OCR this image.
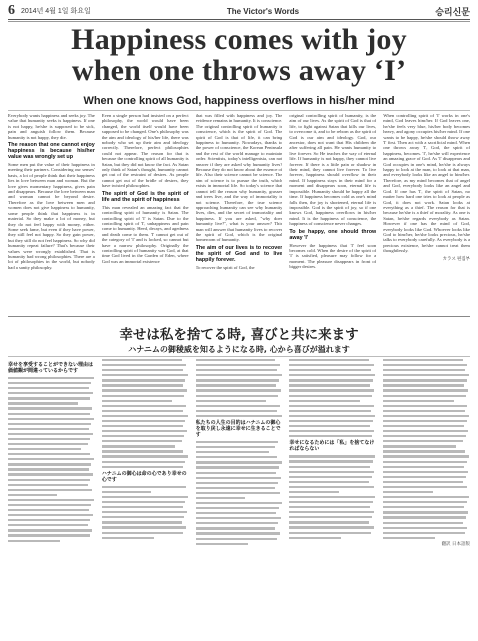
6 2014년 4월 1일 화요일	The Victor's Words	승리신문
Happiness comes with joy
when one throws away ‘I’
When one knows God, happiness overflows in his/her mind

Everybody wants happiness and seeks joy. The value that humanity seeks is happiness. If one is not happy, he/she is supposed to be sick, pain and anguish follow them. Because humanity is not happy, they die.

The reason that one cannot enjoy happiness is because his/her value was wrongly set up

Some men put the value of their happiness in meeting their partners. Considering our senses' basis, a lot of people think that their happiness lies in love between man and woman. But the love gives momentary happiness, gives pain and disappears. Because the love between man and woman cannot be beyond desire. Therefore as the love between men and women does not give happiness to humanity, some people think that happiness is in material. So they make a lot of money, but they do not feel happy with money, either. Some seek fame, but even if they have power, they still feel not happy. So they gain power, but they still do not feel happiness. So why did humanity repeat failure? That's because their values were wrongly established. That is humanity had wrong philosophies. There are a lot of philosophies in the world, but nobody had a sanity philosophy.

Even a single person had insisted on a perfect philosophy, the world would have been changed, the world itself would have been supposed to be changed. One's philosophy was the aim and ideology of his/her life, there was nobody who set up their aim and ideology correctly. Therefore, perfect philosophies could not appear. The reason for that is because the controlling spirit of all humanity is Satan, but they did not know the fact. As Satan only think of Satan's thought, humanity cannot get out of the restraint of desires. As people cannot get out of the bridle of desires, they have twisted philosophies.

The spirit of God is the spirit of life and the spirit of happiness

This man revealed an amazing fact that the controlling spirit of humanity is Satan. The controlling spirit of 'I' is Satan. Due to the controlling spirit of 'I', unhappiness and pain come to humanity. Heed, decays, and agedness and death come to them. 'I' cannot get out of the category of 'I' and is locked, so cannot but have a narrow philosophy. Originally the controlling spirit of humanity was God, at that time God lived in the Garden of Eden, where God was an immortal existence

that was filled with happiness and joy. The evidence remains in humanity. It is conscience. The original controlling spirit of humanity is conscience, which is the spirit of God. The spirit of God is that of life, it can bring happiness to humanity. Nowadays, thanks to the power of conscience, the Korean Peninsula and the rest of the world manage to maintain order. Scientists, today's intelligentsia, can not answer if they are asked why humanity lives? Because they do not know about the essence of life. Also their science cannot be science. The aim of science is to pursue the truth, which exists in immortal life. So today's science that cannot tell the reason why humanity, grasses and trees live, and the way of immortality is not science. Therefore, the true science approaching humanity can see why humanity lives, dies, and the secret of immortality and happiness. If you are asked, "why does humanity live?", what is your answer? This man will answer that humanity lives to recover the spirit of God, which is the original homeroom of humanity.

The aim of our lives is to recover the spirit of God and to live happily forever.

To recover the spirit of God, the

original controlling spirit of humanity, is the aim of our lives. As the spirit of God is that of life, to fight against Satan that kills our lives, to overcome it, and to be reborn as the spirit of God is our aim and ideology. God, our ancestor, does not want that His children die after suffering all pain. He wants humanity to live forever. So He teaches the way of eternal life. If humanity is not happy, they cannot live forever. If there is a little pain or shadow in their mind, they cannot live forever. To live forever, happiness should overflow in their mind. If happiness stays in their mind for a moment and disappears soon, eternal life is impossible. Humanity should be happy all the time. If happiness becomes cold as one's mind falls then, the joy is shortened, eternal life is impossible. God is the spirit of joy, so if one knows God, happiness overflows in his/her mind. It is the happiness of conscience, the happiness of conscience never changes.

To be happy, one should throw away 'I'

However the happiness that 'I' feel soon becomes cold. When the desire of the spirit of 'I' is satisfied, pleasure may follow for a moment. The pleasure disappears in front of bigger desires.

When controlling spirit of 'I' works in one's mind, God leaves him/her. If God leaves one, he/she feels very blue, his/her body becomes heavy, and agony occupies his/her mind. If one wants to be happy, he/she should throw away 'I' first. Then act with a sacrificial mind. When one throws away 'I', God, the spirit of happiness, becomes. 'I', he/she will experience an amazing grace of God. As 'I' disappears and God occupies in one's mind, he/she is always happy to look at the man, to look at that man, and everybody looks like an angel to him/her. Therefore, as my mind becomes that of angel and God, everybody looks like an angel and God. If one has 'I', the spirit of Satan, no matter how hard one tries to look at people as God, it does not work. Satan looks at everything as a thief. The reason for that is because he/she is a thief of morality. As one is Satan, he/she regards everybody as Satan. However if one has the mind of God, everybody looks like God. Whoever looks like God to him/her, he/she looks precious, he/she talks to everybody carefully. As everybody is a precious existence, he/she cannot treat them thoughtlessly.

カラス 편집부
幸せは私を捨てる時, 喜びと共に来ます
ハナニムの御稜威を知るようになる時, 心から喜びが溢れます
幸せを享受することができない理由は価値観が間違っているからです
ハナニムの御心は命の心であり幸せの心です
私たちの人生の目的はハナニムの御心を取り戻し永遠に幸せに生きることです
幸せになるためには「私」を捨てなければならない
翻訳 日本語版
